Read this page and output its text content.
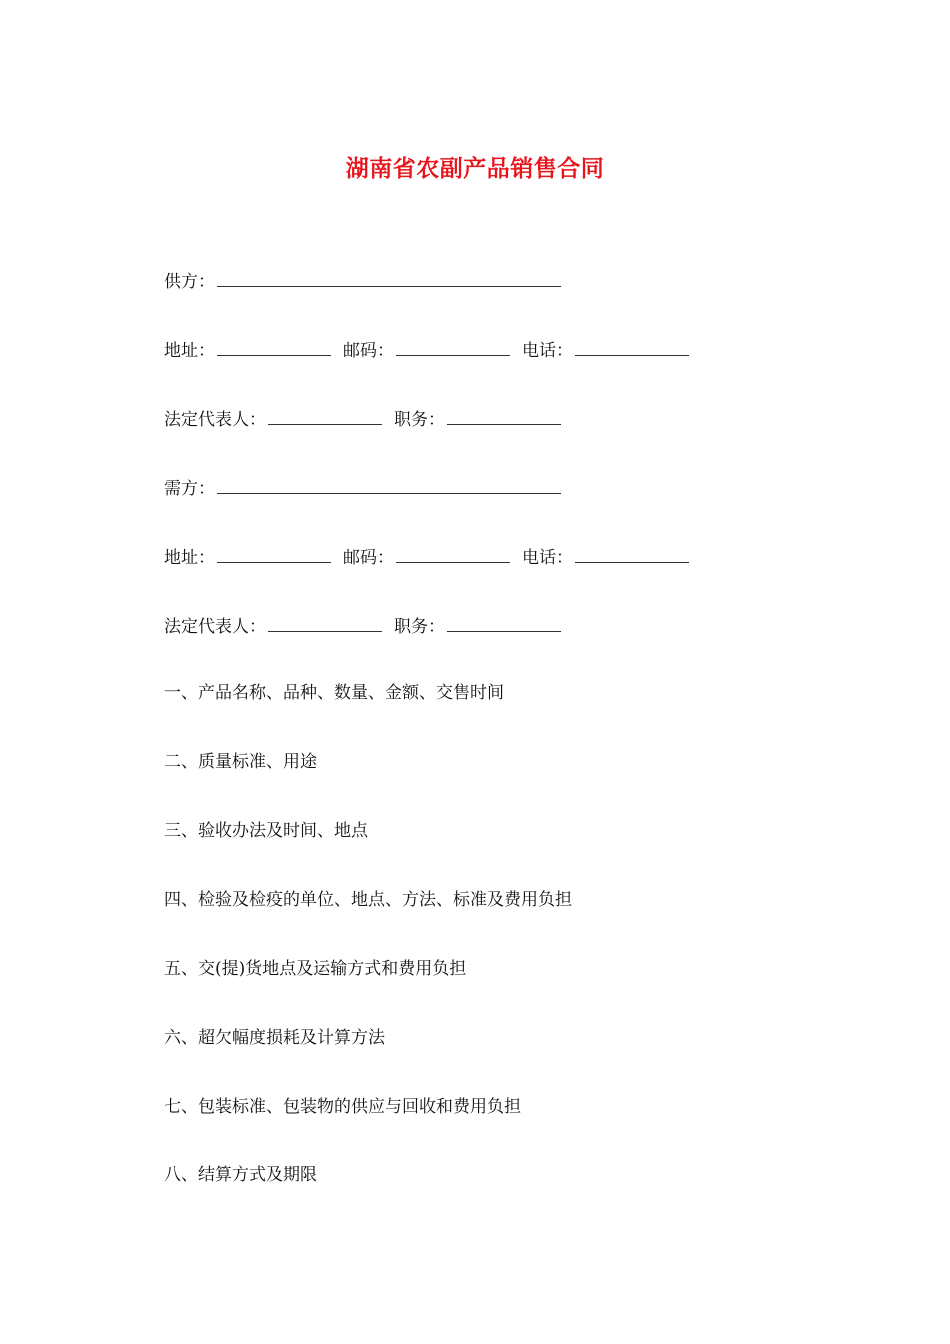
湖南省农副产品销售合同
供方：
地址：	邮码：	电话：
法定代表人：	职务：
需方：
地址：	邮码：	电话：
法定代表人：	职务：
一、产品名称、品种、数量、金额、交售时间
二、质量标准、用途
三、验收办法及时间、地点
四、检验及检疫的单位、地点、方法、标准及费用负担
五、交(提)货地点及运输方式和费用负担
六、超欠幅度损耗及计算方法
七、包装标准、包装物的供应与回收和费用负担
八、结算方式及期限
